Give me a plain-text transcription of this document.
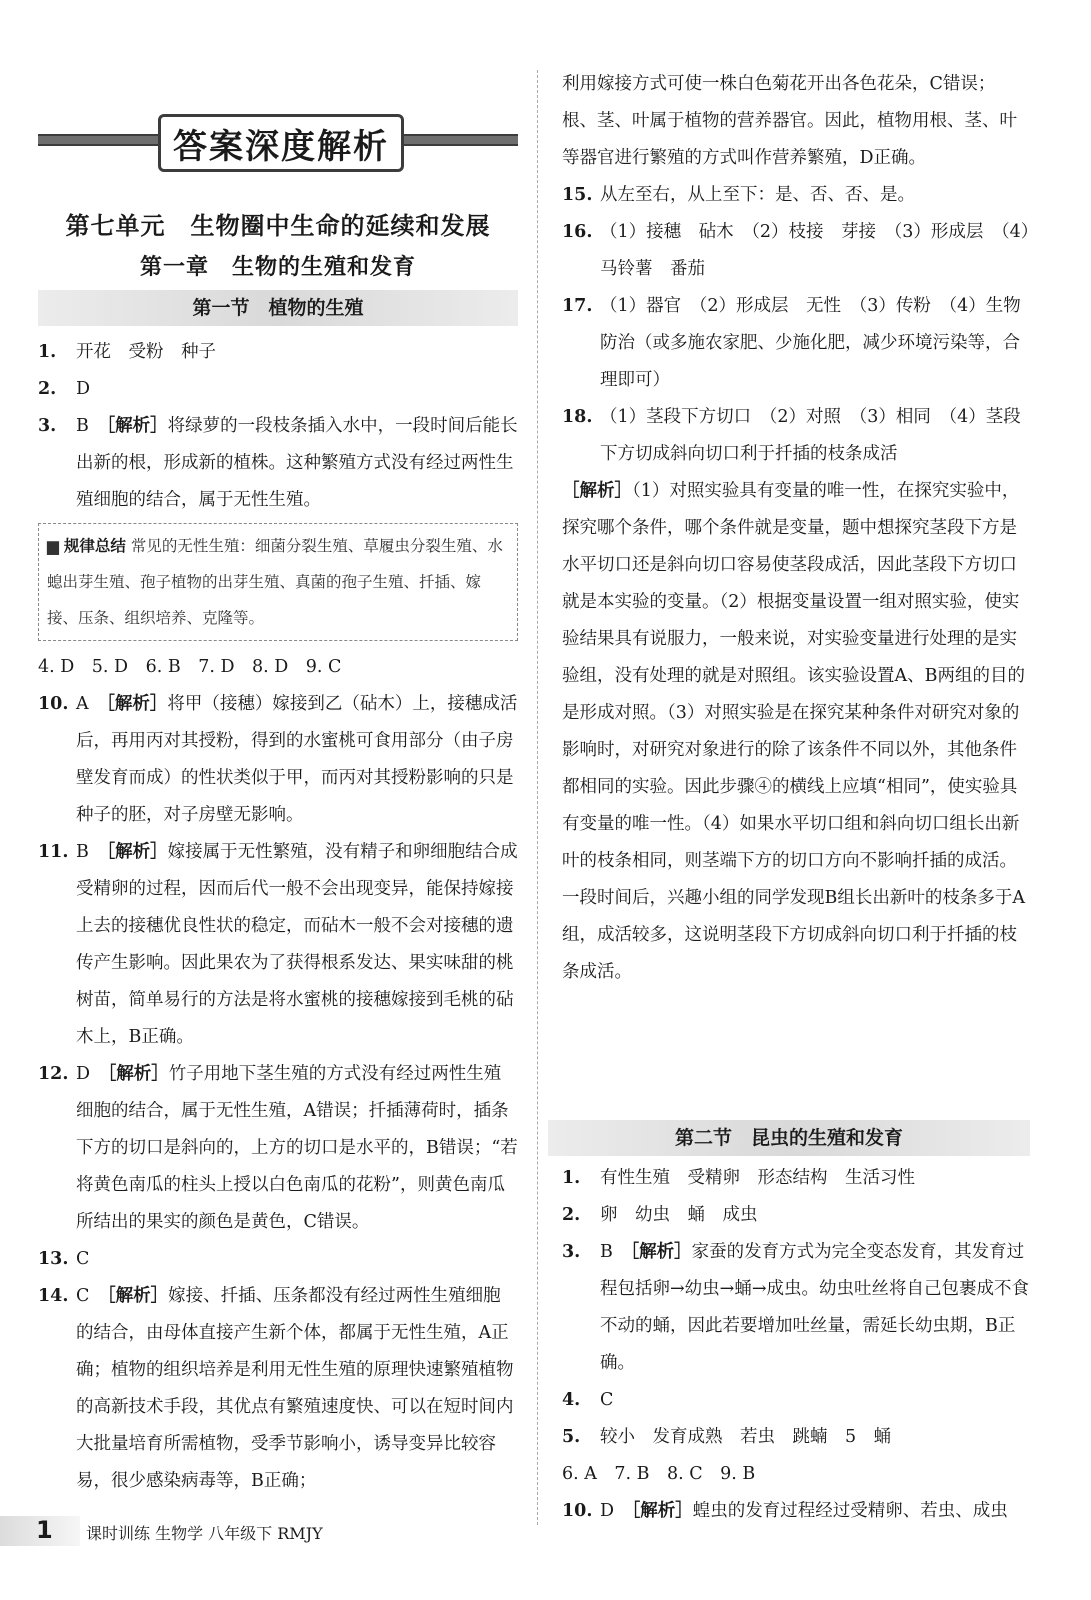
答案深度解析
第七单元　生物圈中生命的延续和发展
第一章　生物的生殖和发育
第一节　植物的生殖
1. 开花　受粉　种子
2. D
3. B　 ［解析］将绿萝的一段枝条插入水中，一段时间后能长出新的根，形成新的植株。这种繁殖方式没有经过两性生殖细胞的结合，属于无性生殖。
▆ 规律总结 常见的无性生殖：细菌分裂生殖、草履虫分裂生殖、水螅出芽生殖、孢子植物的出芽生殖、真菌的孢子生殖、扦插、嫁接、压条、组织培养、克隆等。
4. D　5. D　6. B　7. D　8. D　9. C
10. A　 ［解析］将甲（接穗）嫁接到乙（砧木）上，接穗成活后，再用丙对其授粉，得到的水蜜桃可食用部分（由子房壁发育而成）的性状类似于甲，而丙对其授粉影响的只是种子的胚，对子房壁无影响。
11. B　 ［解析］嫁接属于无性繁殖，没有精子和卵细胞结合成受精卵的过程，因而后代一般不会出现变异，能保持嫁接上去的接穗优良性状的稳定，而砧木一般不会对接穗的遗传产生影响。因此果农为了获得根系发达、果实味甜的桃树苗，简单易行的方法是将水蜜桃的接穗嫁接到毛桃的砧木上，B正确。
12. D　 ［解析］竹子用地下茎生殖的方式没有经过两性生殖细胞的结合，属于无性生殖，A错误；扦插薄荷时，插条下方的切口是斜向的，上方的切口是水平的，B错误；“若将黄色南瓜的柱头上授以白色南瓜的花粉”，则黄色南瓜所结出的果实的颜色是黄色，C错误。
13. C
14. C　 ［解析］嫁接、扦插、压条都没有经过两性生殖细胞的结合，由母体直接产生新个体，都属于无性生殖，A正确；植物的组织培养是利用无性生殖的原理快速繁殖植物的高新技术手段，其优点有繁殖速度快、可以在短时间内大批量培育所需植物，受季节影响小，诱导变异比较容易，很少感染病毒等，B正确；
利用嫁接方式可使一株白色菊花开出各色花朵，C错误；根、茎、叶属于植物的营养器官。因此，植物用根、茎、叶等器官进行繁殖的方式叫作营养繁殖，D正确。
15. 从左至右，从上至下：是、否、否、是。
16. （1）接穗　砧木　（2）枝接　芽接　（3）形成层　（4）马铃薯　番茄
17. （1）器官　（2）形成层　无性　（3）传粉　（4）生物防治（或多施农家肥、少施化肥，减少环境污染等，合理即可）
18. （1）茎段下方切口　（2）对照　（3）相同　（4）茎段下方切成斜向切口利于扦插的枝条成活
［解析］（1）对照实验具有变量的唯一性，在探究实验中，探究哪个条件，哪个条件就是变量，题中想探究茎段下方是水平切口还是斜向切口容易使茎段成活，因此茎段下方切口就是本实验的变量。（2）根据变量设置一组对照实验，使实验结果具有说服力，一般来说，对实验变量进行处理的是实验组，没有处理的就是对照组。该实验设置A、B两组的目的是形成对照。（3）对照实验是在探究某种条件对研究对象的影响时，对研究对象进行的除了该条件不同以外，其他条件都相同的实验。因此步骤④的横线上应填“相同”，使实验具有变量的唯一性。（4）如果水平切口组和斜向切口组长出新叶的枝条相同，则茎端下方的切口方向不影响扦插的成活。一段时间后，兴趣小组的同学发现B组长出新叶的枝条多于A组，成活较多，这说明茎段下方切成斜向切口利于扦插的枝条成活。
第二节　昆虫的生殖和发育
1. 有性生殖　受精卵　形态结构　生活习性
2. 卵　幼虫　蛹　成虫
3. B　 ［解析］家蚕的发育方式为完全变态发育，其发育过程包括卵→幼虫→蛹→成虫。幼虫吐丝将自己包裹成不食不动的蛹，因此若要增加吐丝量，需延长幼虫期，B正确。
4. C
5. 较小　发育成熟　若虫　跳蝻　5　蛹
6. A　7. B　8. C　9. B
10. D　 ［解析］蝗虫的发育过程经过受精卵、若虫、成虫
1 课时训练 生物学 八年级下 RMJY
